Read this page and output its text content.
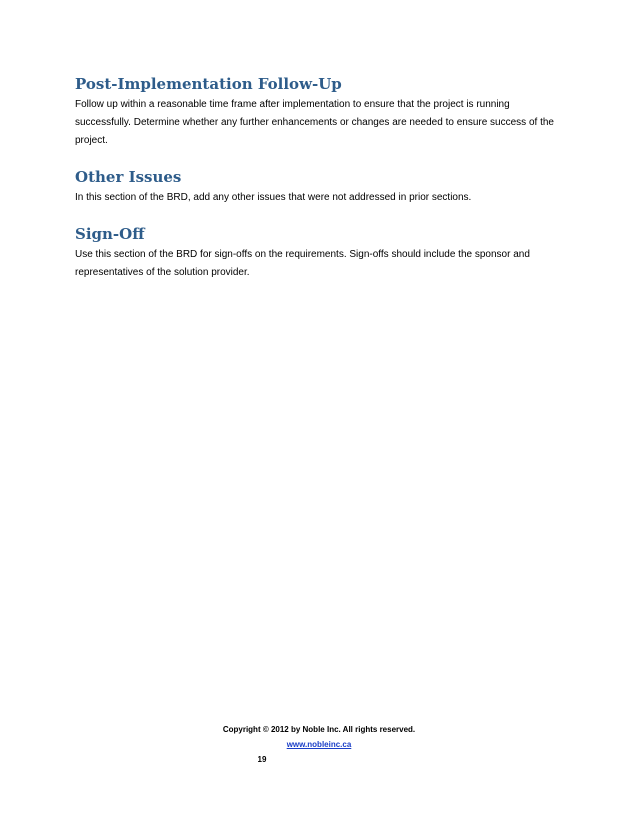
Post-Implementation Follow-Up

Follow up within a reasonable time frame after implementation to ensure that the project is running successfully. Determine whether any further enhancements or changes are needed to ensure success of the project.

Other Issues

In this section of the BRD, add any other issues that were not addressed in prior sections.

Sign-Off

Use this section of the BRD for sign-offs on the requirements. Sign-offs should include the sponsor and representatives of the solution provider.

Copyright © 2012 by Noble Inc. All rights reserved.
www.nobleinc.ca
19
